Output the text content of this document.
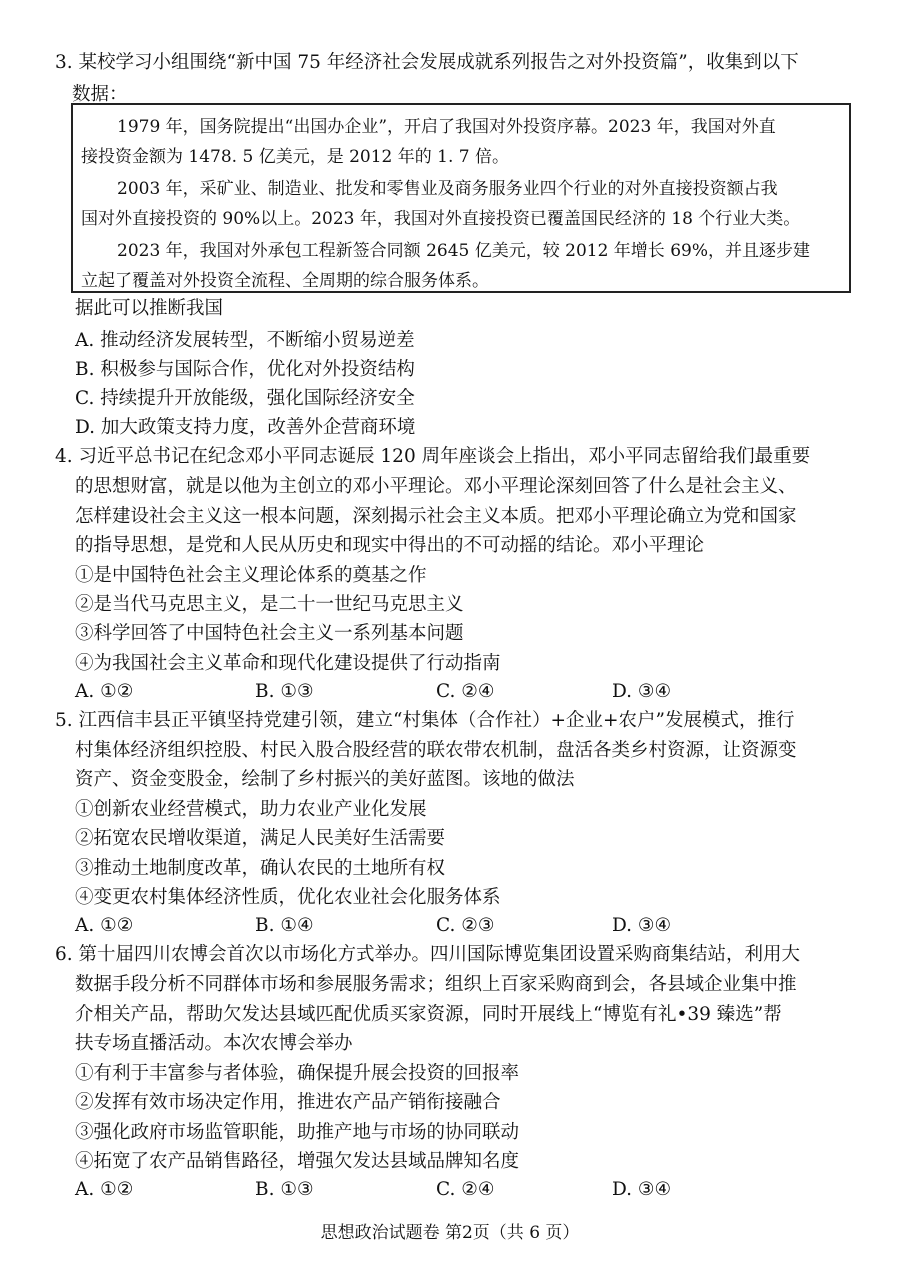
3. 某校学习小组围绕“新中国 75 年经济社会发展成就系列报告之对外投资篇”，收集到以下
数据：
1979 年，国务院提出“出国办企业”，开启了我国对外投资序幕。2023 年，我国对外直
接投资金额为 1478. 5 亿美元，是 2012 年的 1. 7 倍。
2003 年，采矿业、制造业、批发和零售业及商务服务业四个行业的对外直接投资额占我
国对外直接投资的 90%以上。2023 年，我国对外直接投资已覆盖国民经济的 18 个行业大类。
2023 年，我国对外承包工程新签合同额 2645 亿美元，较 2012 年增长 69%，并且逐步建
立起了覆盖对外投资全流程、全周期的综合服务体系。
据此可以推断我国
A. 推动经济发展转型，不断缩小贸易逆差
B. 积极参与国际合作，优化对外投资结构
C. 持续提升开放能级，强化国际经济安全
D. 加大政策支持力度，改善外企营商环境
4. 习近平总书记在纪念邓小平同志诞辰 120 周年座谈会上指出，邓小平同志留给我们最重要
的思想财富，就是以他为主创立的邓小平理论。邓小平理论深刻回答了什么是社会主义、
怎样建设社会主义这一根本问题，深刻揭示社会主义本质。把邓小平理论确立为党和国家
的指导思想，是党和人民从历史和现实中得出的不可动摇的结论。邓小平理论
①是中国特色社会主义理论体系的奠基之作
②是当代马克思主义，是二十一世纪马克思主义
③科学回答了中国特色社会主义一系列基本问题
④为我国社会主义革命和现代化建设提供了行动指南
A. ①②	B. ①③	C. ②④	D. ③④
5. 江西信丰县正平镇坚持党建引领，建立“村集体（合作社）+企业+农户”发展模式，推行
村集体经济组织控股、村民入股合股经营的联农带农机制，盘活各类乡村资源，让资源变
资产、资金变股金，绘制了乡村振兴的美好蓝图。该地的做法
①创新农业经营模式，助力农业产业化发展
②拓宽农民增收渠道，满足人民美好生活需要
③推动土地制度改革，确认农民的土地所有权
④变更农村集体经济性质，优化农业社会化服务体系
A. ①②	B. ①④	C. ②③	D. ③④
6. 第十届四川农博会首次以市场化方式举办。四川国际博览集团设置采购商集结站，利用大
数据手段分析不同群体市场和参展服务需求；组织上百家采购商到会，各县域企业集中推
介相关产品，帮助欠发达县域匹配优质买家资源，同时开展线上“博览有礼•39 臻选”帮
扶专场直播活动。本次农博会举办
①有利于丰富参与者体验，确保提升展会投资的回报率
②发挥有效市场决定作用，推进农产品产销衔接融合
③强化政府市场监管职能，助推产地与市场的协同联动
④拓宽了农产品销售路径，增强欠发达县域品牌知名度
A. ①②	B. ①③	C. ②④	D. ③④
思想政治试题卷 第2页（共 6 页）
